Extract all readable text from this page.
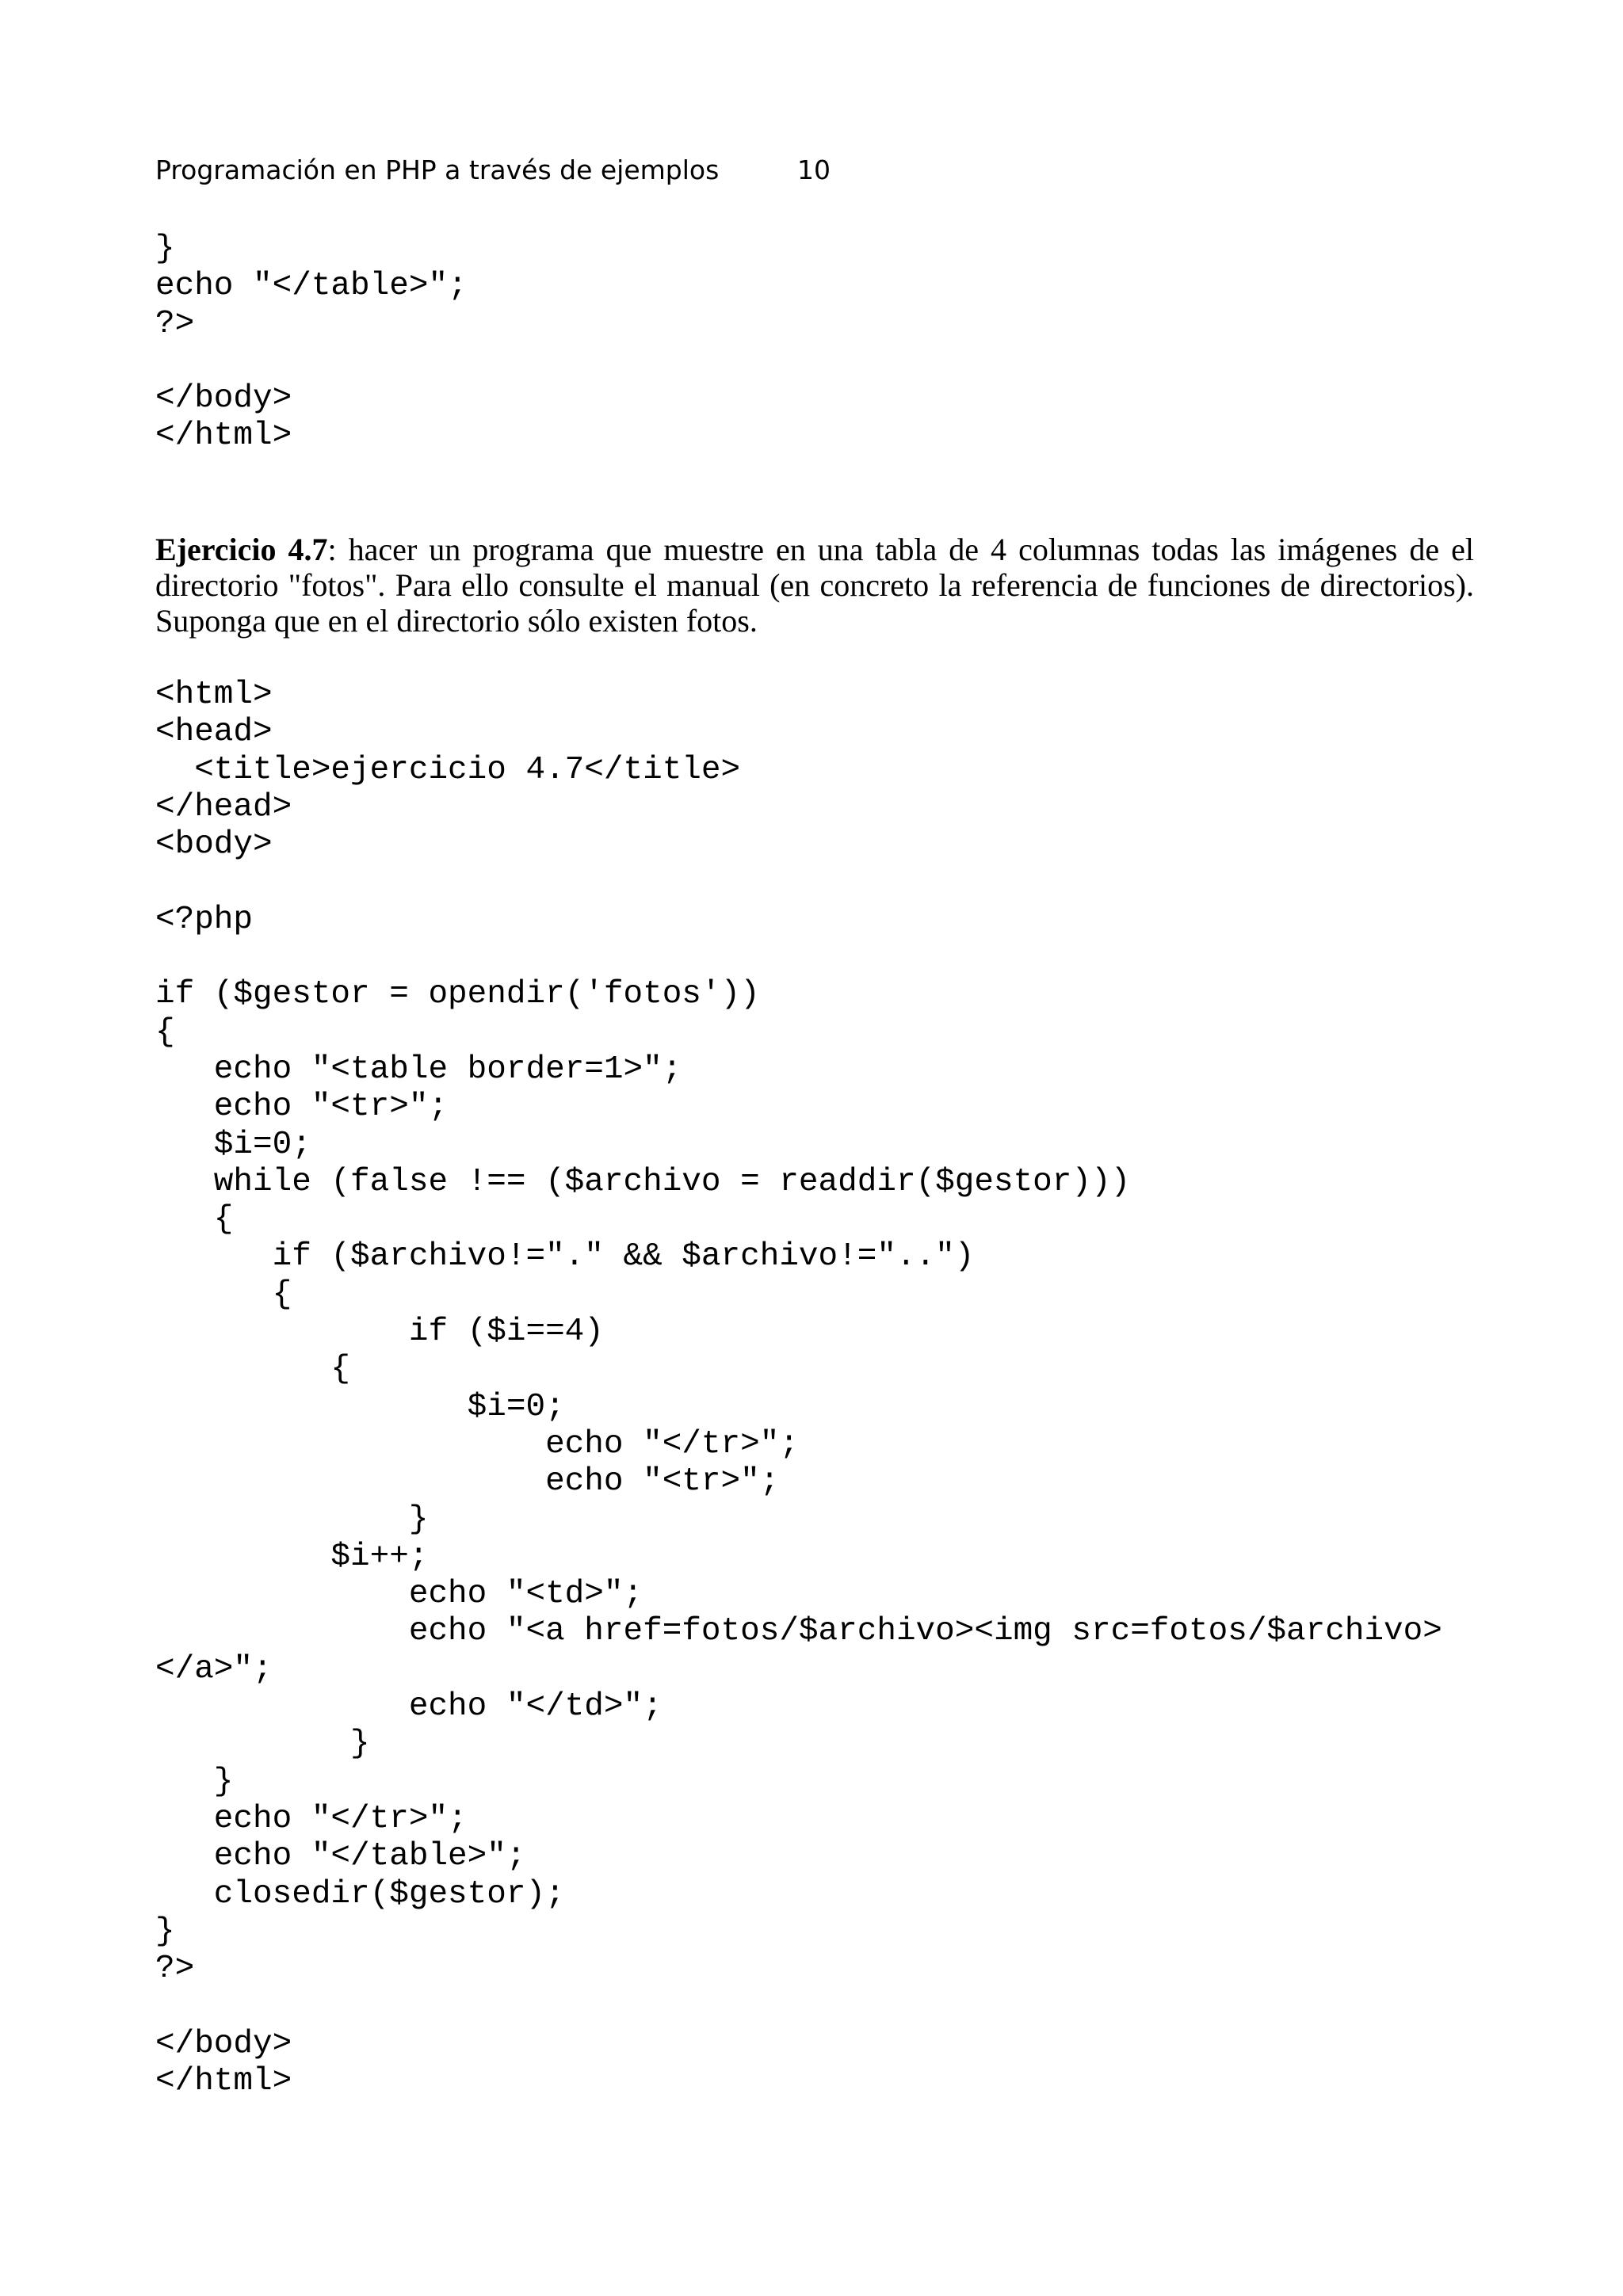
Programación en PHP a través de ejemplos	10
}
echo "</table>";
?>

</body>
</html>
Ejercicio 4.7: hacer un programa que muestre en una tabla de 4 columnas todas las imágenes de el directorio "fotos". Para ello consulte el manual (en concreto la referencia de funciones de directorios). Suponga que en el directorio sólo existen fotos.
<html>
<head>
<title>ejercicio 4.7</title>
</head>
<body>

<?php

if ($gestor = opendir('fotos'))
{
echo "<table border=1>";
echo "<tr>";
$i=0;
while (false !== ($archivo = readdir($gestor)))
{
if ($archivo!="." && $archivo!="..")
{
if ($i==4)
{
$i=0;
echo "</tr>";
echo "<tr>";
}
$i++;
echo "<td>";
echo "<a href=fotos/$archivo><img src=fotos/$archivo>
</a>";
echo "</td>";
}
}
echo "</tr>";
echo "</table>";
closedir($gestor);
}
?>

</body>
</html>
